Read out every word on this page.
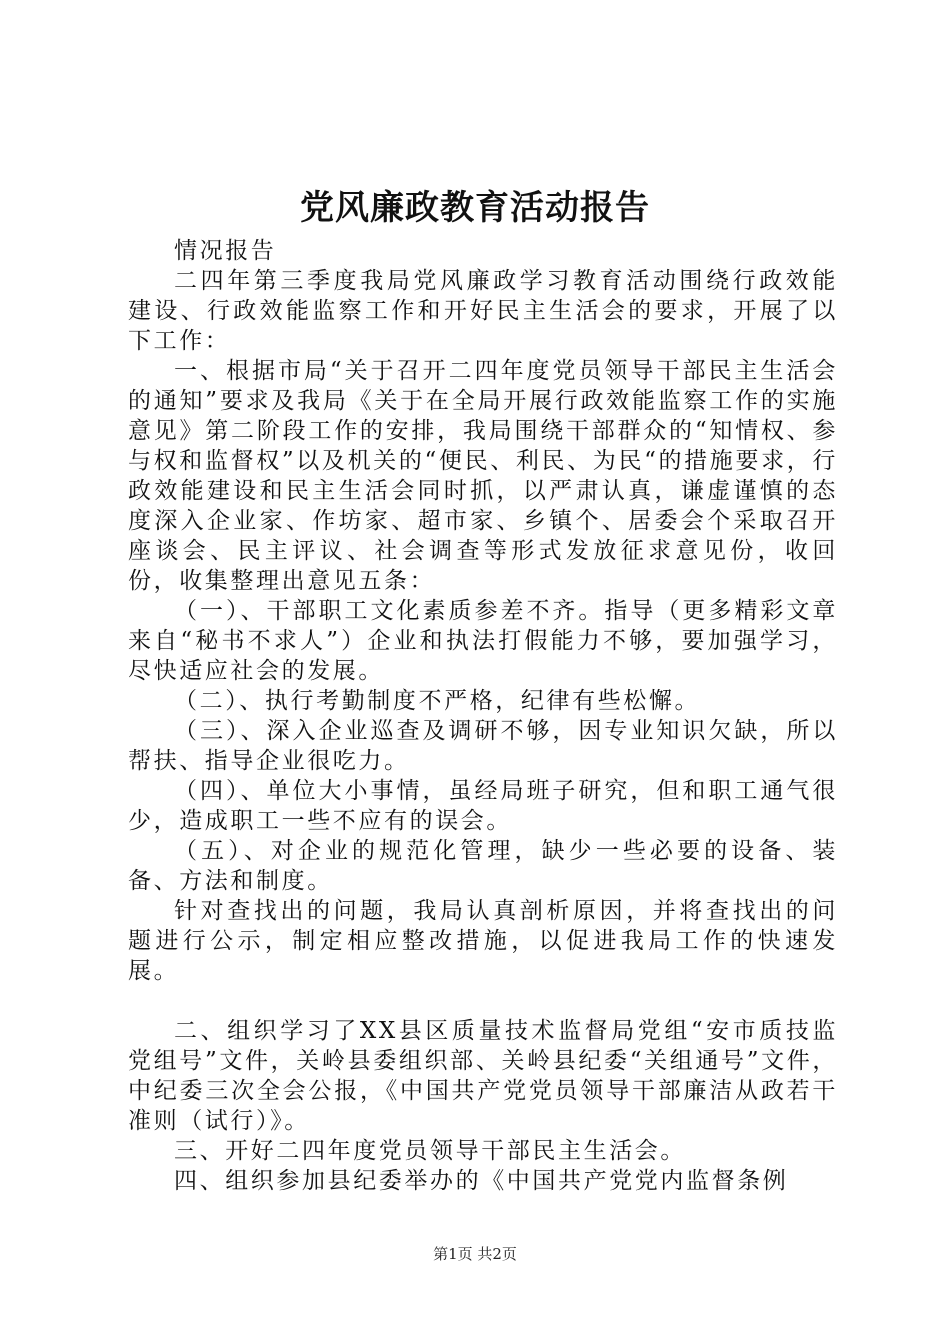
党风廉政教育活动报告

情况报告

二四年第三季度我局党风廉政学习教育活动围绕行政效能建设、行政效能监察工作和开好民主生活会的要求，开展了以下工作：

一、根据市局“关于召开二四年度党员领导干部民主生活会的通知”要求及我局《关于在全局开展行政效能监察工作的实施意见》第二阶段工作的安排，我局围绕干部群众的“知情权、参与权和监督权”以及机关的“便民、利民、为民“的措施要求，行政效能建设和民主生活会同时抓，以严肃认真，谦虚谨慎的态度深入企业家、作坊家、超市家、乡镇个、居委会个采取召开座谈会、民主评议、社会调查等形式发放征求意见份，收回份，收集整理出意见五条：

（一）、干部职工文化素质参差不齐。指导（更多精彩文章来自“秘书不求人”）企业和执法打假能力不够，要加强学习，尽快适应社会的发展。

（二）、执行考勤制度不严格，纪律有些松懈。

（三）、深入企业巡查及调研不够，因专业知识欠缺，所以帮扶、指导企业很吃力。

（四）、单位大小事情，虽经局班子研究，但和职工通气很少，造成职工一些不应有的误会。

（五）、对企业的规范化管理，缺少一些必要的设备、装备、方法和制度。

针对查找出的问题，我局认真剖析原因，并将查找出的问题进行公示，制定相应整改措施，以促进我局工作的快速发展。

二、组织学习了XX县区质量技术监督局党组“安市质技监党组号”文件，关岭县委组织部、关岭县纪委“关组通号”文件，中纪委三次全会公报，《中国共产党党员领导干部廉洁从政若干准则（试行）》。

三、开好二四年度党员领导干部民主生活会。

四、组织参加县纪委举办的《中国共产党党内监督条例

第1页 共2页
